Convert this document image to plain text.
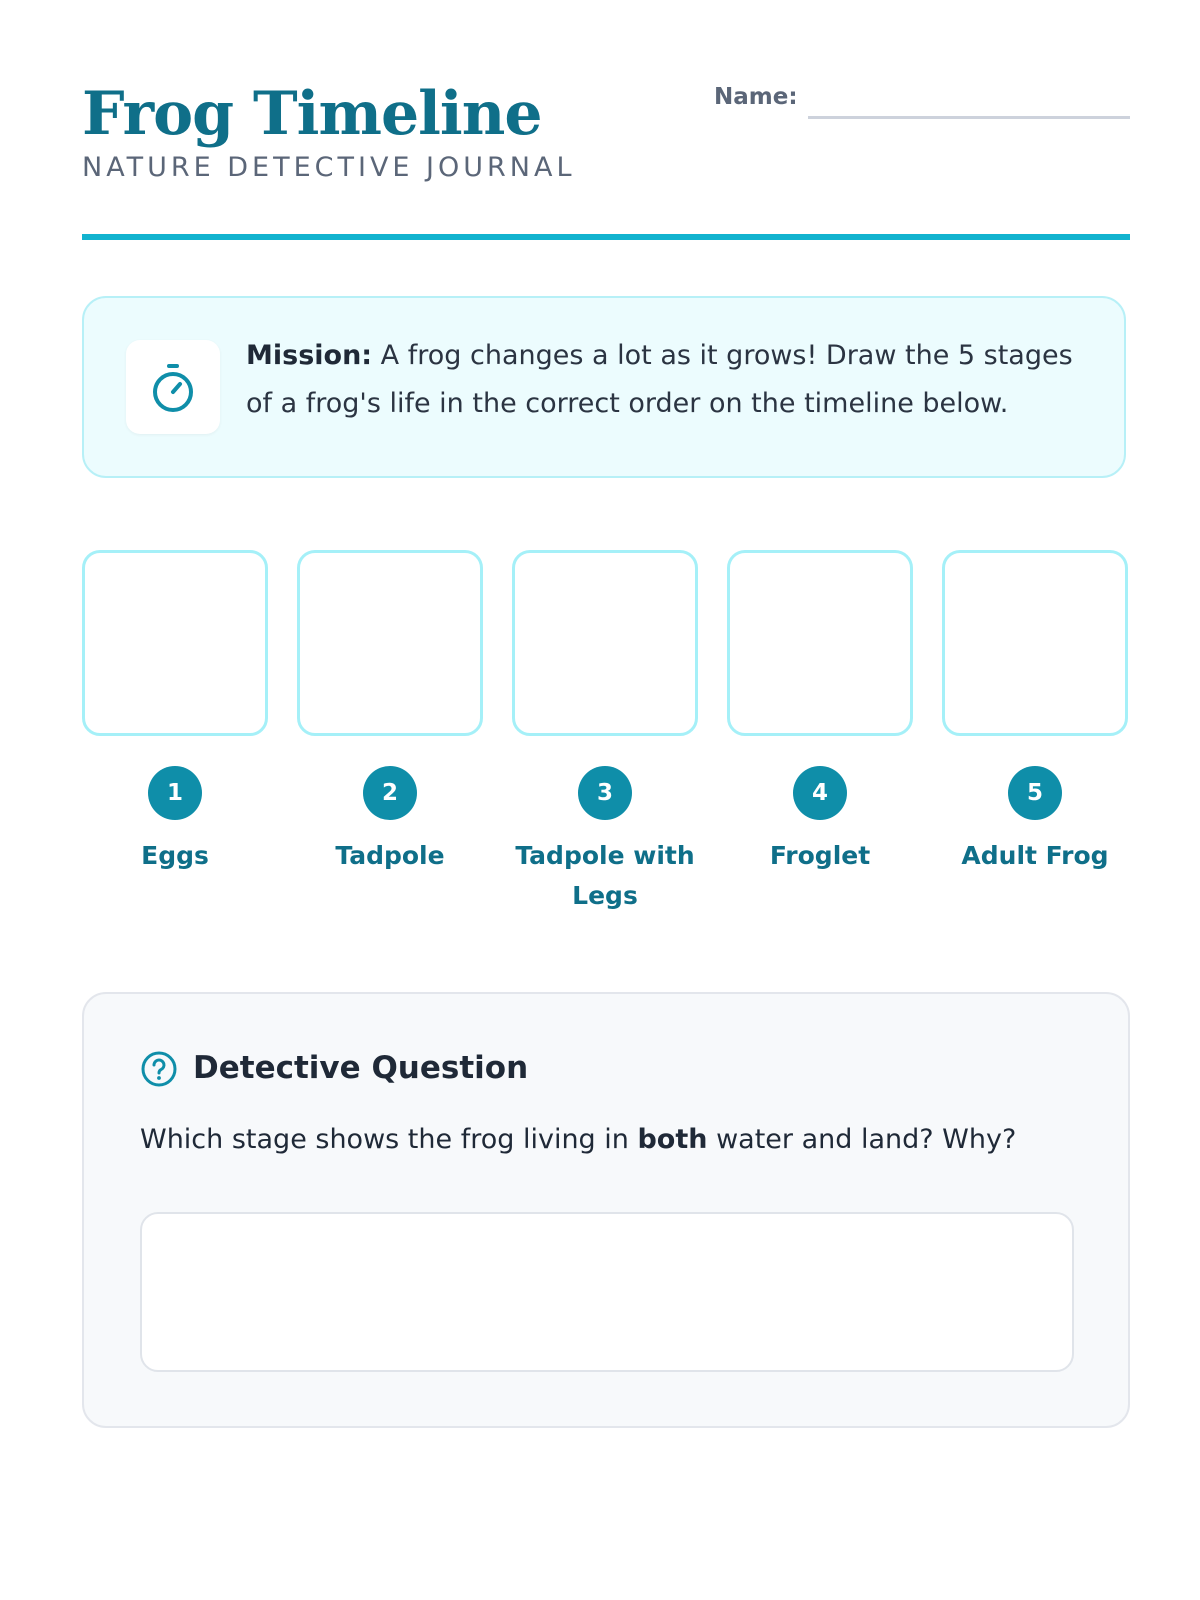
Frog Timeline
NATURE DETECTIVE JOURNAL
Name:
Mission: A frog changes a lot as it grows! Draw the 5 stages of a frog's life in the correct order on the timeline below.
1
Eggs
2
Tadpole
3
Tadpole with Legs
4
Froglet
5
Adult Frog
Detective Question
Which stage shows the frog living in both water and land? Why?
